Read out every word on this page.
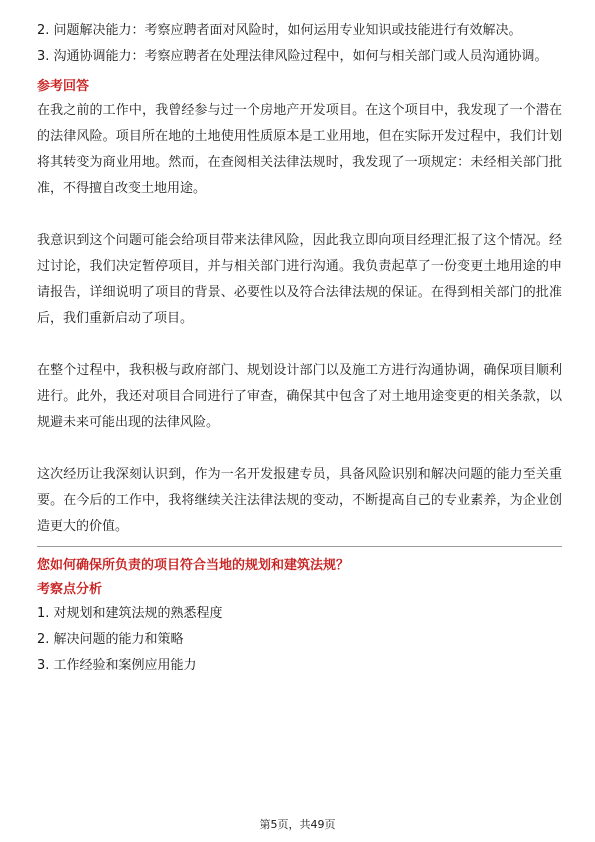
2. 问题解决能力：考察应聘者面对风险时，如何运用专业知识或技能进行有效解决。

3. 沟通协调能力：考察应聘者在处理法律风险过程中，如何与相关部门或人员沟通协调。

参考回答

在我之前的工作中，我曾经参与过一个房地产开发项目。在这个项目中，我发现了一个潜在的法律风险。项目所在地的土地使用性质原本是工业用地，但在实际开发过程中，我们计划将其转变为商业用地。然而，在查阅相关法律法规时，我发现了一项规定：未经相关部门批准，不得擅自改变土地用途。

我意识到这个问题可能会给项目带来法律风险，因此我立即向项目经理汇报了这个情况。经过讨论，我们决定暂停项目，并与相关部门进行沟通。我负责起草了一份变更土地用途的申请报告，详细说明了项目的背景、必要性以及符合法律法规的保证。在得到相关部门的批准后，我们重新启动了项目。

在整个过程中，我积极与政府部门、规划设计部门以及施工方进行沟通协调，确保项目顺利进行。此外，我还对项目合同进行了审查，确保其中包含了对土地用途变更的相关条款，以规避未来可能出现的法律风险。

这次经历让我深刻认识到，作为一名开发报建专员，具备风险识别和解决问题的能力至关重要。在今后的工作中，我将继续关注法律法规的变动，不断提高自己的专业素养，为企业创造更大的价值。

您如何确保所负责的项目符合当地的规划和建筑法规？

考察点分析

1. 对规划和建筑法规的熟悉程度

2. 解决问题的能力和策略

3. 工作经验和案例应用能力

第5页，共49页
